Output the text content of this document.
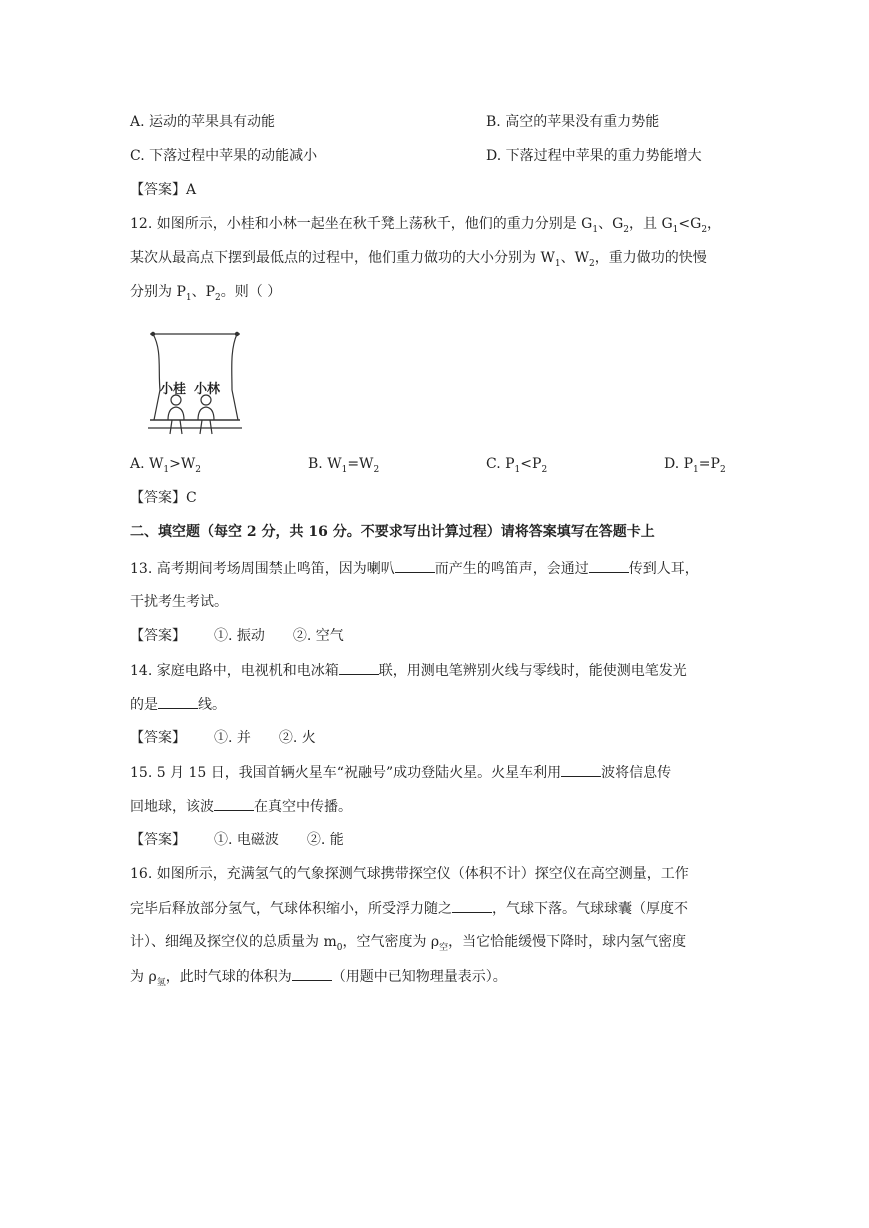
A. 运动的苹果具有动能	B. 高空的苹果没有重力势能
C. 下落过程中苹果的动能减小	D. 下落过程中苹果的重力势能增大
【答案】A
12. 如图所示，小桂和小林一起坐在秋千凳上荡秋千，他们的重力分别是 $G_1$、$G_2$，且 $G_1<G_2$，
某次从最高点下摆到最低点的过程中，他们重力做功的大小分别为 $W_1$、$W_2$，重力做功的快慢
分别为 $P_1$、$P_2$。则（ ）
小桂 小林
A. $W_1>W_2$	B. $W_1=W_2$	C. $P_1<P_2$	D. $P_1=P_2$
【答案】C
二、填空题（每空 2 分，共 16 分。不要求写出计算过程）请将答案填写在答题卡上
13. 高考期间考场周围禁止鸣笛，因为喇叭	而产生的鸣笛声，会通过	传到人耳，
干扰考生考试。
【答案】 ①. 振动 ②. 空气
14. 家庭电路中，电视机和电冰箱	联，用测电笔辨别火线与零线时，能使测电笔发光
的是	线。
【答案】 ①. 并 ②. 火
15. 5 月 15 日，我国首辆火星车“祝融号”成功登陆火星。火星车利用	波将信息传
回地球，该波	在真空中传播。
【答案】 ①. 电磁波 ②. 能
16. 如图所示，充满氢气的气象探测气球携带探空仪（体积不计）探空仪在高空测量，工作
完毕后释放部分氢气，气球体积缩小，所受浮力随之	，气球下落。气球球囊（厚度不
计）、细绳及探空仪的总质量为 $m_0$，空气密度为 $\rho_空$，当它恰能缓慢下降时，球内氢气密度
为 $\rho_氢$，此时气球的体积为	（用题中已知物理量表示）。
